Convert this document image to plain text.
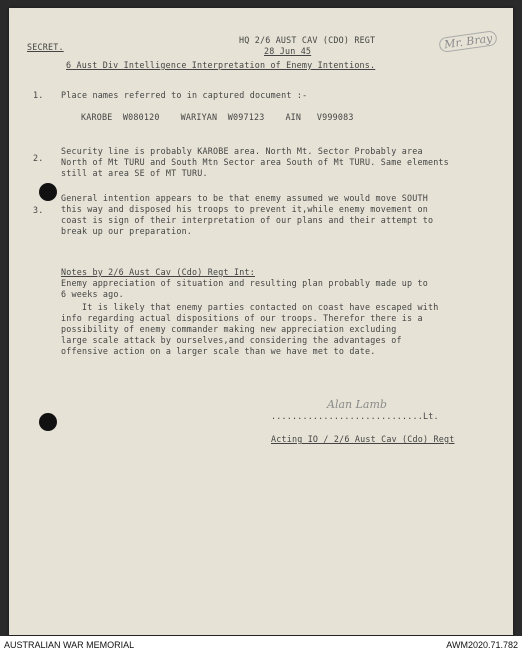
SECRET.
HQ 2/6 AUST CAV (CDO) REGT
28 Jun 45	Mr. Bray
6 Aust Div Intelligence Interpretation of Enemy Intentions.
1. Place names referred to in captured document :-
KAROBE  W080120    WARIYAN  W097123    AIN   V999083
2.
Security line is probably KAROBE area. North Mt. Sector Probably area
North of Mt TURU and South Mtn Sector area South of Mt TURU. Same elements
still at area SE of MT TURU.
3.
General intention appears to be that enemy assumed we would move SOUTH
this way and disposed his troops to prevent it,while enemy movement on
coast is sign of their interpretation of our plans and their attempt to
break up our preparation.
Notes by 2/6 Aust Cav (Cdo) Regt Int:
Enemy appreciation of situation and resulting plan probably made up to
6 weeks ago.
It is likely that enemy parties contacted on coast have escaped with
info regarding actual dispositions of our troops. Therefor there is a
possibility of enemy commander making new appreciation excluding
large scale attack by ourselves,and considering the advantages of
offensive action on a larger scale than we have met to date.
Alan Lamb
.............................Lt.
Acting IO / 2/6 Aust Cav (Cdo) Regt
AUSTRALIAN WAR MEMORIAL	AWM2020.71.782
